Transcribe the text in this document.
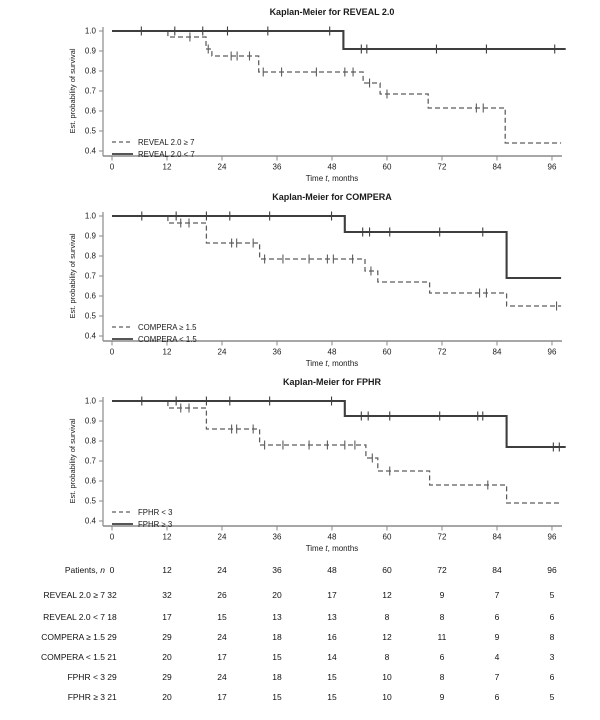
Kaplan-Meier for REVEAL 2.0
1.0
0.9
0.8
0.7
0.6
0.5
0.4
Est. probability of survival
0	12	24	36	48	60	72	84	96
Time t, months
REVEAL 2.0 ≥ 7
REVEAL 2.0 < 7
Kaplan-Meier for COMPERA
1.0
0.9
0.8
0.7
0.6
0.5
0.4
Est. probability of survival
0	12	24	36	48	60	72	84	96
Time t, months
COMPERA ≥ 1.5
COMPERA < 1.5
Kaplan-Meier for FPHR
1.0
0.9
0.8
0.7
0.6
0.5
0.4
Est. probability of survival
0	12	24	36	48	60	72	84	96
Time t, months
FPHR < 3
FPHR ≥ 3
Patients, n 0	12	24	36	48	60	72	84	96
REVEAL 2.0 ≥ 7 32	32	26	20	17	12	9	7	5
REVEAL 2.0 < 7 18	17	15	13	13	8	8	6	6
COMPERA ≥ 1.5 29	29	24	18	16	12	11	9	8
COMPERA < 1.5 21	20	17	15	14	8	6	4	3
FPHR < 3 29	29	24	18	15	10	8	7	6
FPHR ≥ 3 21	20	17	15	15	10	9	6	5
